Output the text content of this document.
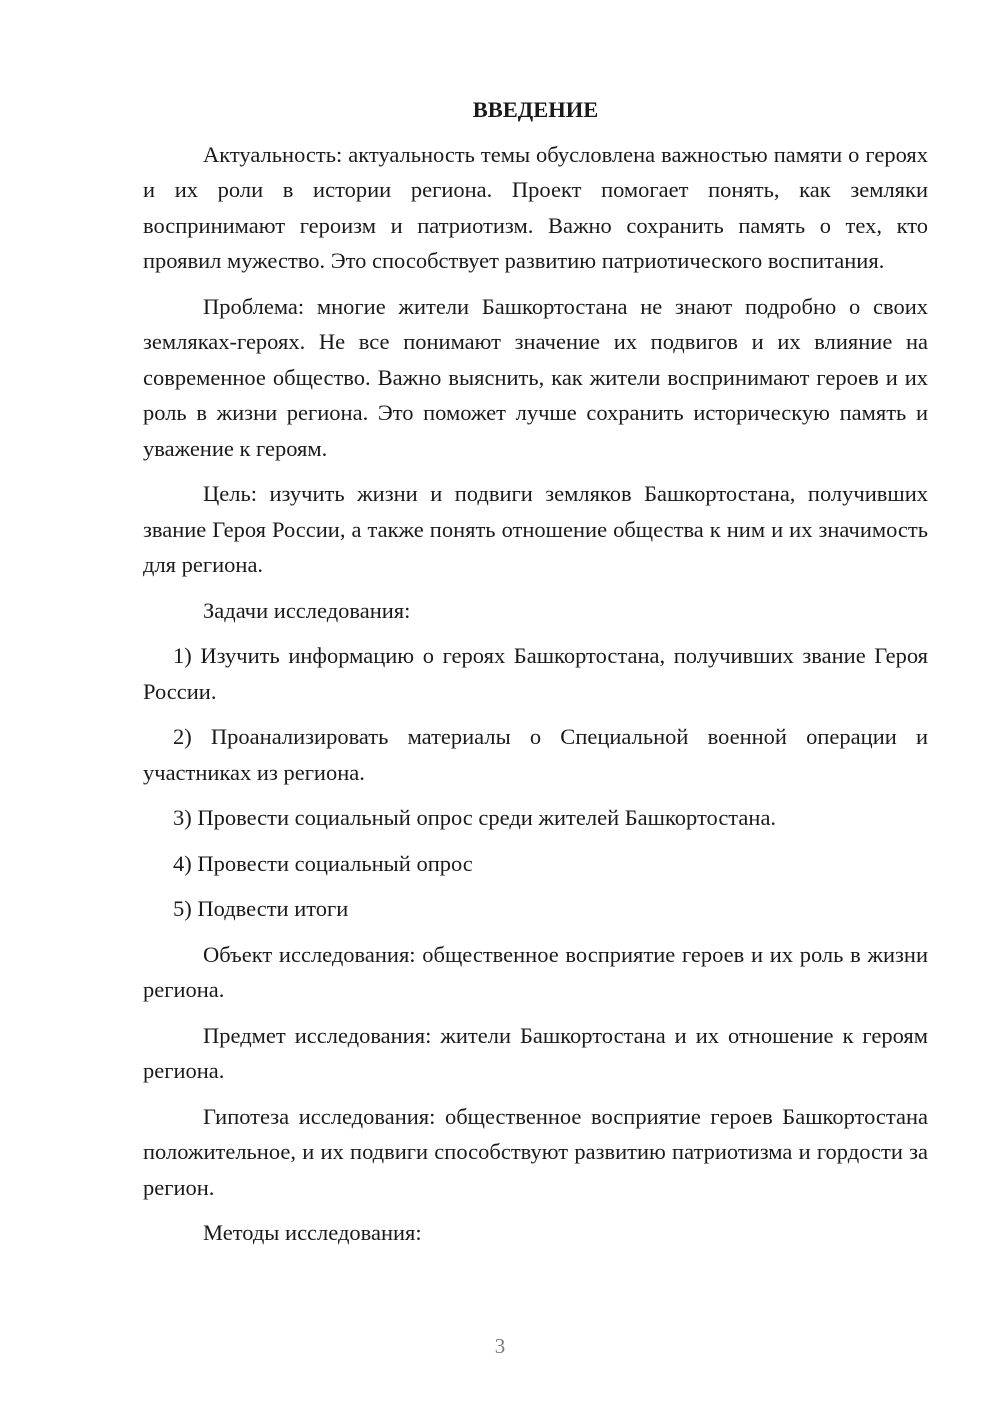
ВВЕДЕНИЕ

Актуальность: актуальность темы обусловлена важностью памяти о героях и их роли в истории региона. Проект помогает понять, как земляки воспринимают героизм и патриотизм. Важно сохранить память о тех, кто проявил мужество. Это способствует развитию патриотического воспитания.

Проблема: многие жители Башкортостана не знают подробно о своих земляках-героях. Не все понимают значение их подвигов и их влияние на современное общество. Важно выяснить, как жители воспринимают героев и их роль в жизни региона. Это поможет лучше сохранить историческую память и уважение к героям.

Цель: изучить жизни и подвиги земляков Башкортостана, получивших звание Героя России, а также понять отношение общества к ним и их значимость для региона.

Задачи исследования:

1) Изучить информацию о героях Башкортостана, получивших звание Героя России.

2) Проанализировать материалы о Специальной военной операции и участниках из региона.

3) Провести социальный опрос среди жителей Башкортостана.

4) Провести социальный опрос

5) Подвести итоги

Объект исследования: общественное восприятие героев и их роль в жизни региона.

Предмет исследования: жители Башкортостана и их отношение к героям региона.

Гипотеза исследования: общественное восприятие героев Башкортостана положительное, и их подвиги способствуют развитию патриотизма и гордости за регион.

Методы исследования:

3
